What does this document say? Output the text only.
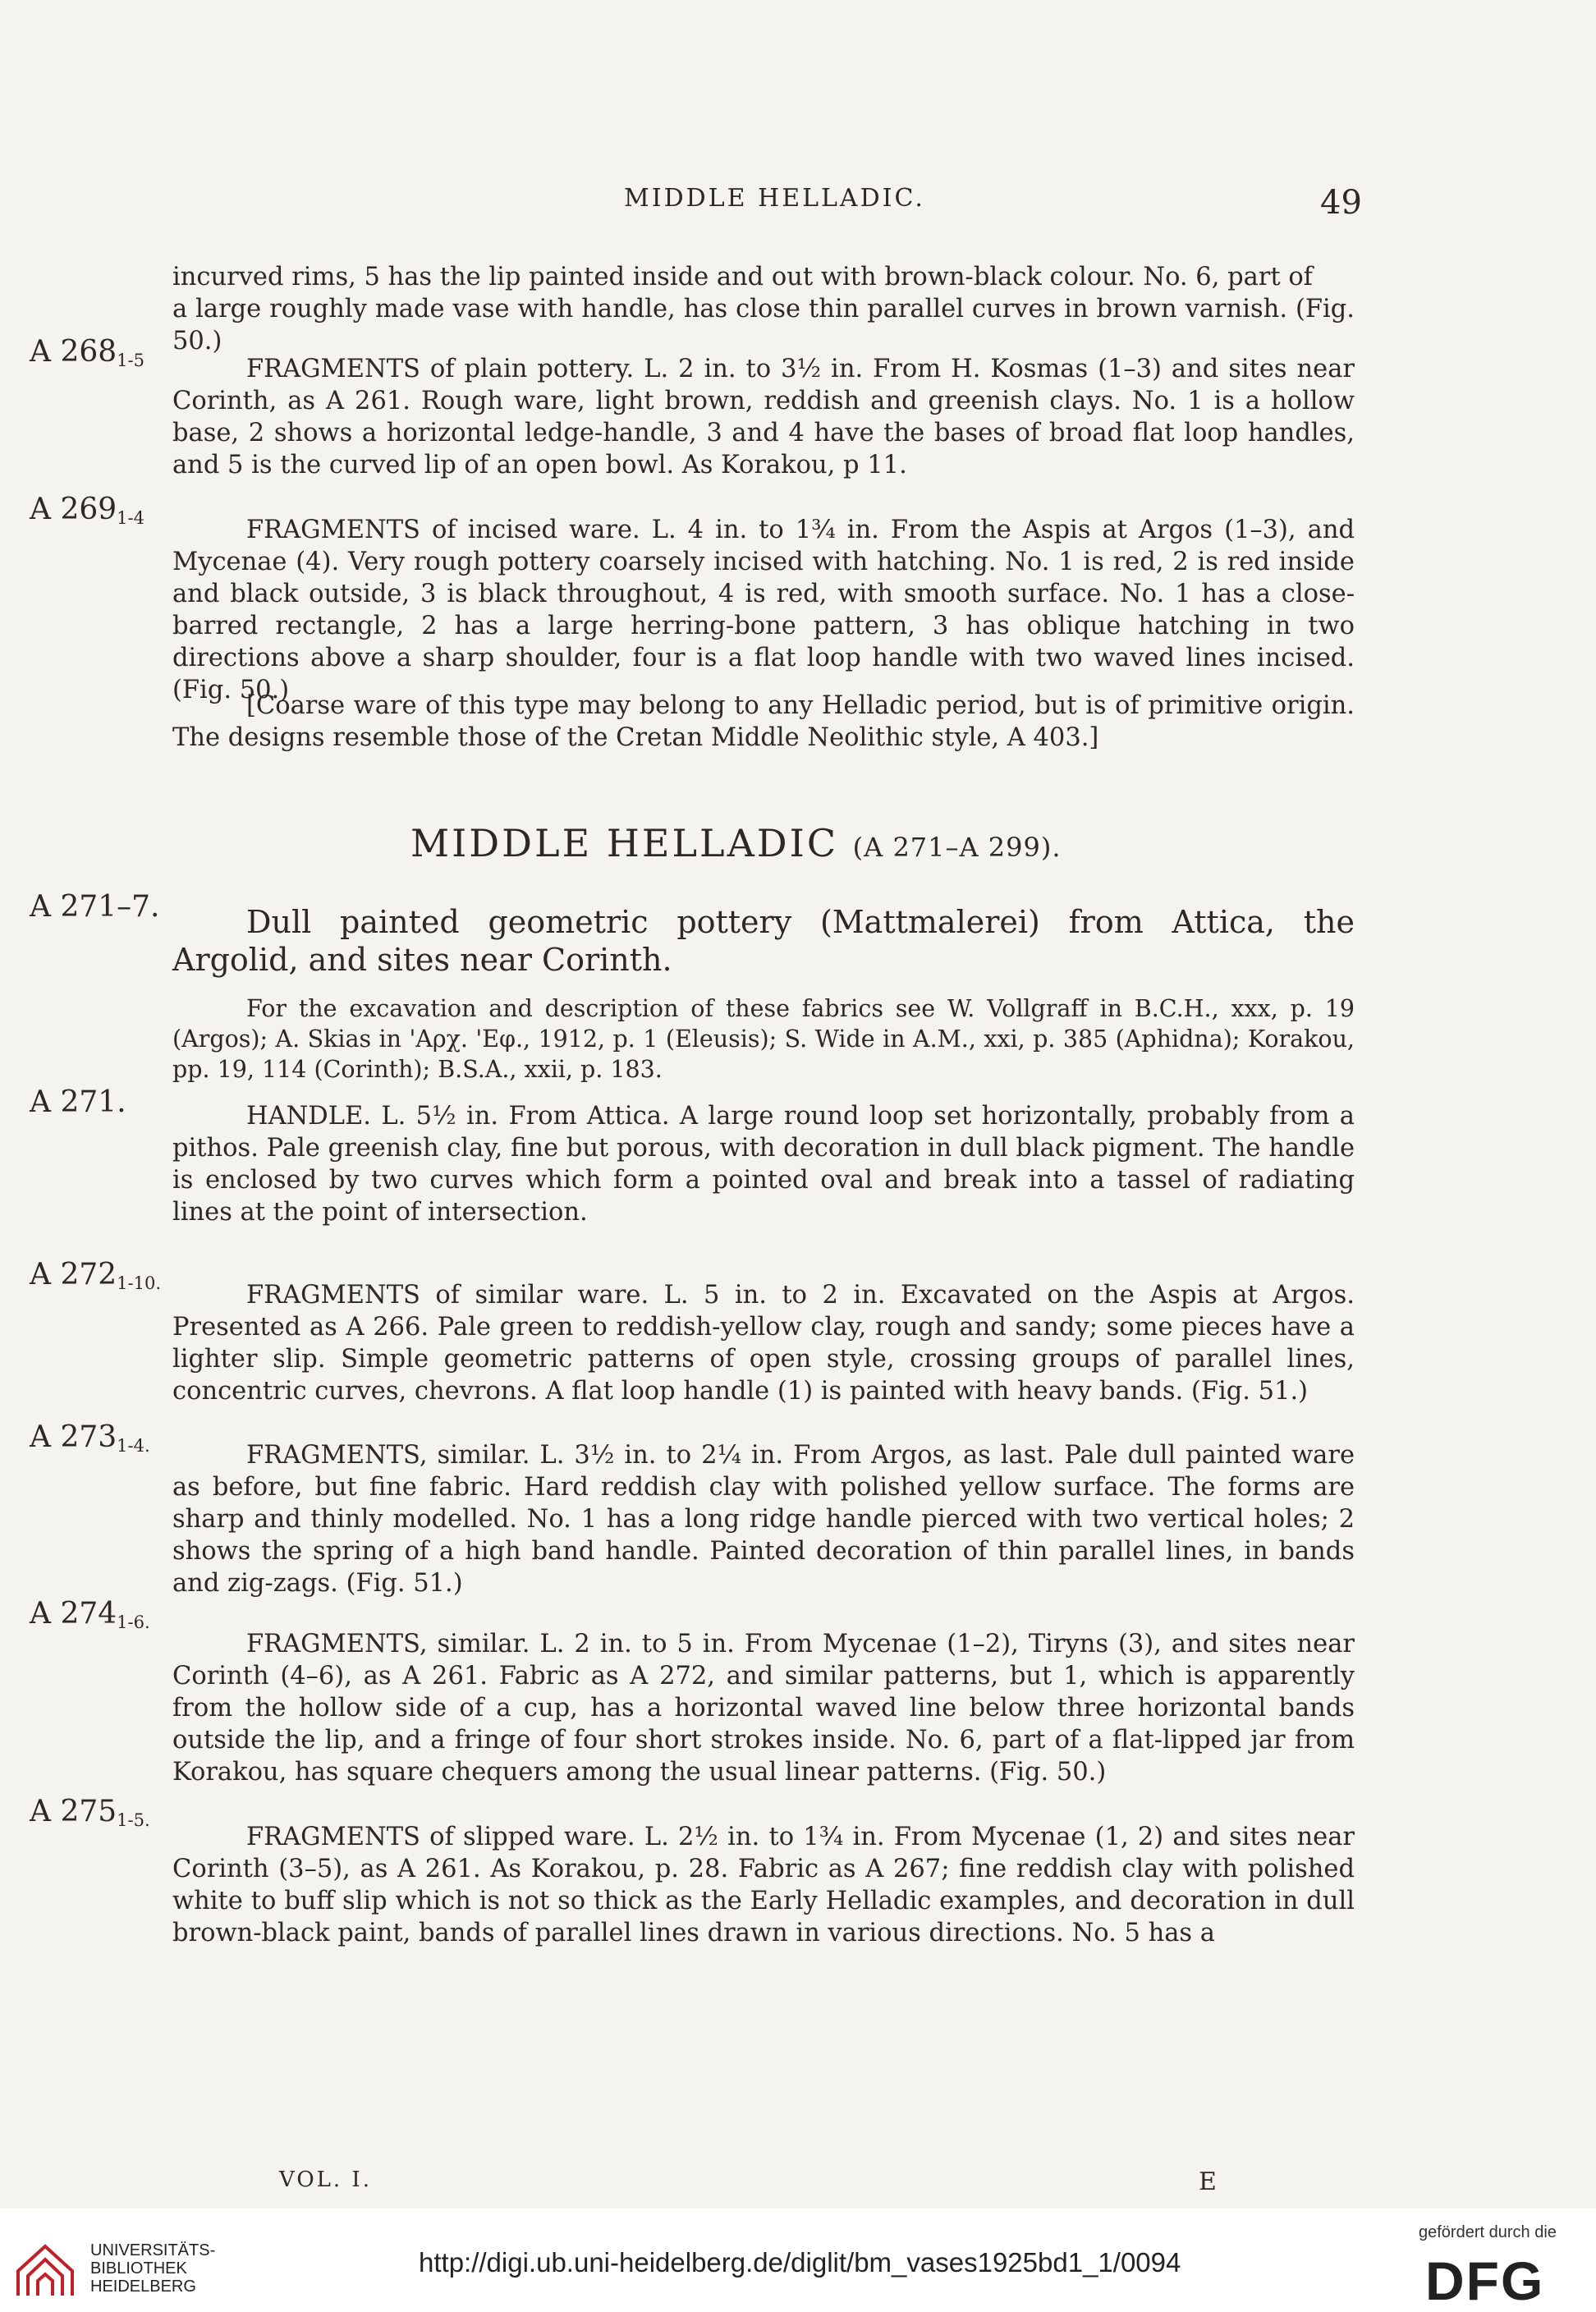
MIDDLE HELLADIC.	49
incurved rims, 5 has the lip painted inside and out with brown-black colour. No. 6, part of
a large roughly made vase with handle, has close thin parallel curves in brown varnish. (Fig. 50.)
A $268_{1-5}$	FRAGMENTS of plain pottery. L. 2 in. to 3½ in. From H. Kosmas (1–3) and sites near Corinth, as A 261. Rough ware, light brown, reddish and greenish clays. No. 1 is a hollow base, 2 shows a horizontal ledge-handle, 3 and 4 have the bases of broad flat loop handles, and 5 is the curved lip of an open bowl. As Korakou, p 11.
A $269_{1-4}$	FRAGMENTS of incised ware. L. 4 in. to 1¾ in. From the Aspis at Argos (1–3), and Mycenae (4). Very rough pottery coarsely incised with hatching. No. 1 is red, 2 is red inside and black outside, 3 is black throughout, 4 is red, with smooth surface. No. 1 has a close-barred rectangle, 2 has a large herring-bone pattern, 3 has oblique hatching in two directions above a sharp shoulder, four is a flat loop handle with two waved lines incised. (Fig. 50.)
[Coarse ware of this type may belong to any Helladic period, but is of primitive origin. The designs resemble those of the Cretan Middle Neolithic style, A 403.]
MIDDLE HELLADIC (A 271–A 299).
A 271–7.	Dull painted geometric pottery (Mattmalerei) from Attica, the Argolid, and sites near Corinth.
For the excavation and description of these fabrics see W. Vollgraff in B.C.H., xxx, p. 19 (Argos); A. Skias in 'Αρχ. 'Εφ., 1912, p. 1 (Eleusis); S. Wide in A.M., xxi, p. 385 (Aphidna); Korakou, pp. 19, 114 (Corinth); B.S.A., xxii, p. 183.
A 271.	HANDLE. L. 5½ in. From Attica. A large round loop set horizontally, probably from a pithos. Pale greenish clay, fine but porous, with decoration in dull black pigment. The handle is enclosed by two curves which form a pointed oval and break into a tassel of radiating lines at the point of intersection.
A $272_{1-10.}$	FRAGMENTS of similar ware. L. 5 in. to 2 in. Excavated on the Aspis at Argos. Presented as A 266. Pale green to reddish-yellow clay, rough and sandy; some pieces have a lighter slip. Simple geometric patterns of open style, crossing groups of parallel lines, concentric curves, chevrons. A flat loop handle (1) is painted with heavy bands. (Fig. 51.)
A $273_{1-4.}$	FRAGMENTS, similar. L. 3½ in. to 2¼ in. From Argos, as last. Pale dull painted ware as before, but fine fabric. Hard reddish clay with polished yellow surface. The forms are sharp and thinly modelled. No. 1 has a long ridge handle pierced with two vertical holes; 2 shows the spring of a high band handle. Painted decoration of thin parallel lines, in bands and zig-zags. (Fig. 51.)
A $274_{1-6.}$
FRAGMENTS, similar. L. 2 in. to 5 in. From Mycenae (1–2), Tiryns (3), and sites near Corinth (4–6), as A 261. Fabric as A 272, and similar patterns, but 1, which is apparently from the hollow side of a cup, has a horizontal waved line below three horizontal bands outside the lip, and a fringe of four short strokes inside. No. 6, part of a flat-lipped jar from Korakou, has square chequers among the usual linear patterns. (Fig. 50.)
A $275_{1-5.}$
FRAGMENTS of slipped ware. L. 2½ in. to 1¾ in. From Mycenae (1, 2) and sites near Corinth (3–5), as A 261. As Korakou, p. 28. Fabric as A 267; fine reddish clay with polished white to buff slip which is not so thick as the Early Helladic examples, and decoration in dull brown-black paint, bands of parallel lines drawn in various directions. No. 5 has a
VOL. I.	E
UNIVERSITÄTS-
BIBLIOTHEK
HEIDELBERG
http://digi.ub.uni-heidelberg.de/diglit/bm_vases1925bd1_1/0094
gefördert durch die
DFG
